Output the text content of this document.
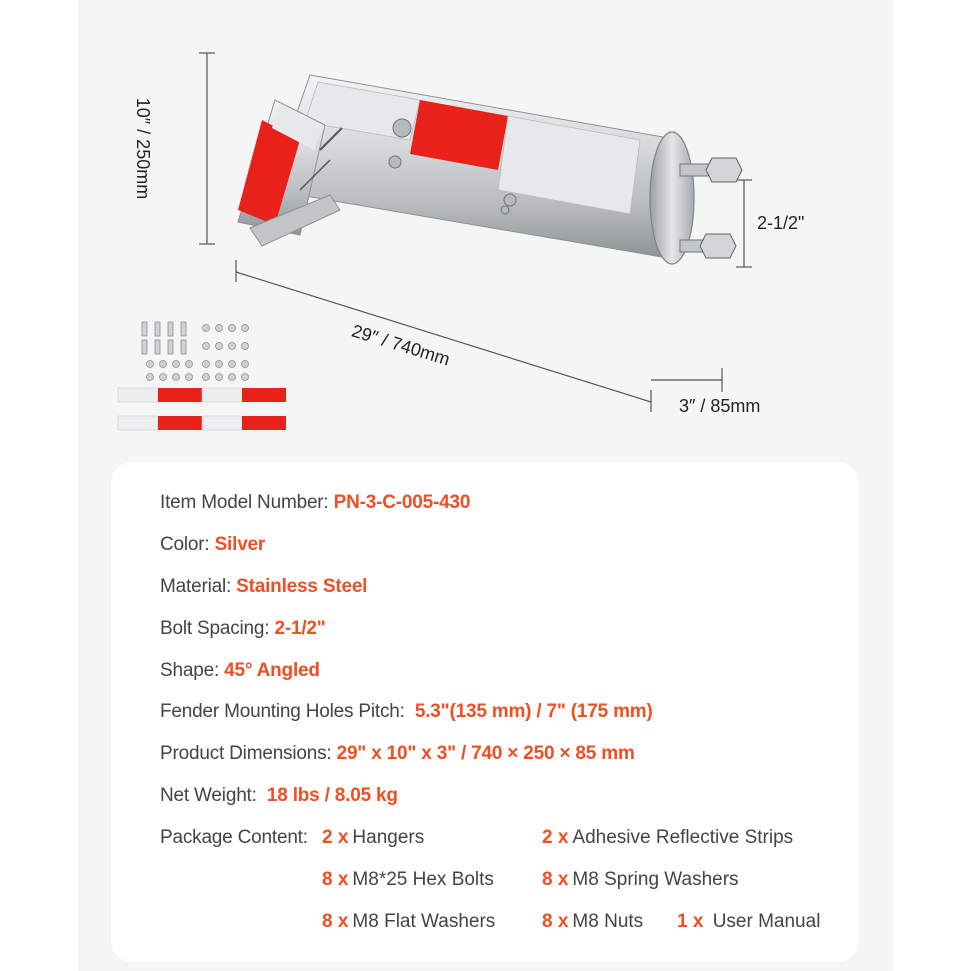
10″ / 250mm
29″ / 740mm
3″ / 85mm
2-1/2"
Item Model Number: PN-3-C-005-430
Color: Silver
Material: Stainless Steel
Bolt Spacing: 2-1/2"
Shape: 45° Angled
Fender Mounting Holes Pitch:  5.3"(135 mm) / 7" (175 mm)
Product Dimensions: 29" x 10" x 3" / 740 × 250 × 85 mm
Net Weight:  18 lbs / 8.05 kg
Package Content: 2 x Hangers	2 x Adhesive Reflective Strips
8 x M8*25 Hex Bolts	8 x M8 Spring Washers
8 x M8 Flat Washers 8 x M8 Nuts 1 x User Manual
